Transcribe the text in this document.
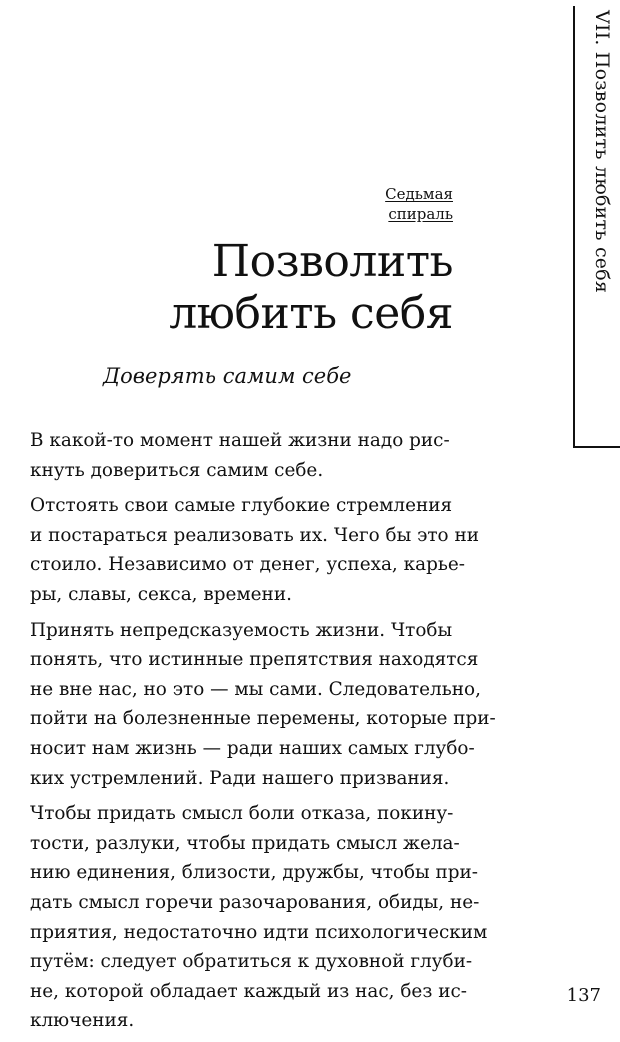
VII. Позволить любить себя
Седьмая
спираль
Позволить
любить себя
Доверять самим себе

В какой-то момент нашей жизни надо рис-
кнуть довериться самим себе.

Отстоять свои самые глубокие стремления
и постараться реализовать их. Чего бы это ни
стоило. Независимо от денег, успеха, карье-
ры, славы, секса, времени.

Принять непредсказуемость жизни. Чтобы
понять, что истинные препятствия находятся
не вне нас, но это — мы сами. Следовательно,
пойти на болезненные перемены, которые при-
носит нам жизнь — ради наших самых глубо-
ких устремлений. Ради нашего призвания.

Чтобы придать смысл боли отказа, покину-
тости, разлуки, чтобы придать смысл жела-
нию единения, близости, дружбы, чтобы при-
дать смысл горечи разочарования, обиды, не-
приятия, недостаточно идти психологическим
путём: следует обратиться к духовной глуби-
не, которой обладает каждый из нас, без ис-
ключения.

137
